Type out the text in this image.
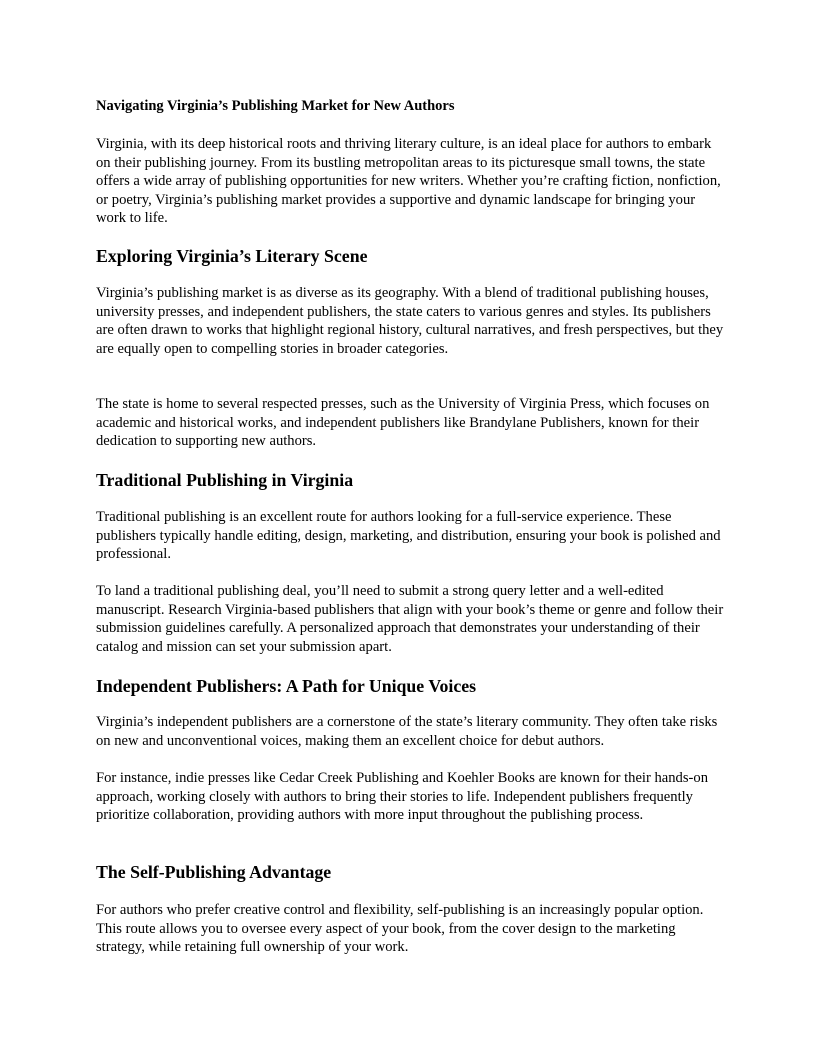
Navigating Virginia’s Publishing Market for New Authors

Virginia, with its deep historical roots and thriving literary culture, is an ideal place for authors to embark on their publishing journey. From its bustling metropolitan areas to its picturesque small towns, the state offers a wide array of publishing opportunities for new writers. Whether you’re crafting fiction, nonfiction, or poetry, Virginia’s publishing market provides a supportive and dynamic landscape for bringing your work to life.

Exploring Virginia’s Literary Scene

Virginia’s publishing market is as diverse as its geography. With a blend of traditional publishing houses, university presses, and independent publishers, the state caters to various genres and styles. Its publishers are often drawn to works that highlight regional history, cultural narratives, and fresh perspectives, but they are equally open to compelling stories in broader categories.

The state is home to several respected presses, such as the University of Virginia Press, which focuses on academic and historical works, and independent publishers like Brandylane Publishers, known for their dedication to supporting new authors.

Traditional Publishing in Virginia

Traditional publishing is an excellent route for authors looking for a full-service experience. These publishers typically handle editing, design, marketing, and distribution, ensuring your book is polished and professional.

To land a traditional publishing deal, you’ll need to submit a strong query letter and a well-edited manuscript. Research Virginia-based publishers that align with your book’s theme or genre and follow their submission guidelines carefully. A personalized approach that demonstrates your understanding of their catalog and mission can set your submission apart.

Independent Publishers: A Path for Unique Voices

Virginia’s independent publishers are a cornerstone of the state’s literary community. They often take risks on new and unconventional voices, making them an excellent choice for debut authors.

For instance, indie presses like Cedar Creek Publishing and Koehler Books are known for their hands-on approach, working closely with authors to bring their stories to life. Independent publishers frequently prioritize collaboration, providing authors with more input throughout the publishing process.

The Self-Publishing Advantage

For authors who prefer creative control and flexibility, self-publishing is an increasingly popular option. This route allows you to oversee every aspect of your book, from the cover design to the marketing strategy, while retaining full ownership of your work.
